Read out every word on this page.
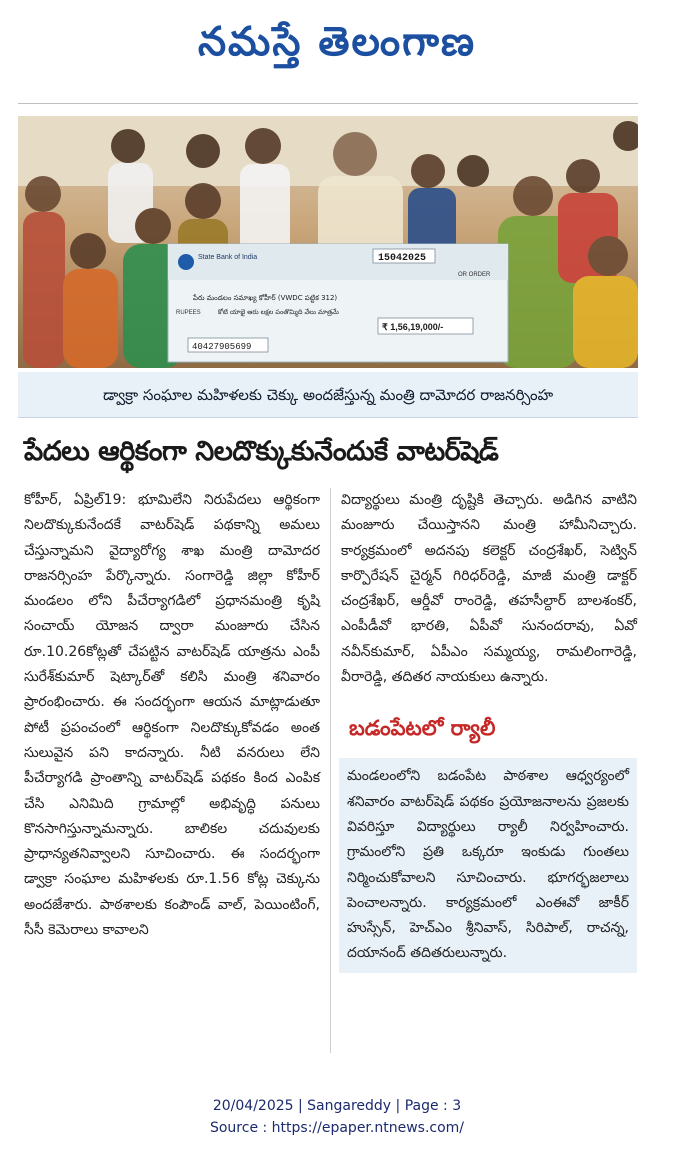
నమస్తే తెలంగాణ
State Bank of India	15042025
OR ORDER
పేరు మండలం సమాఖ్య కోహీర్ (VWDC పట్టిక 312)
RUPEES	కోటి యాభై ఆరు లక్షల పంతొమ్మిది వేలు మాత్రమే
₹ 1,56,19,000/-
40427905699
డ్వాక్రా సంఘాల మహిళలకు చెక్కు అందజేస్తున్న మంత్రి దామోదర రాజనర్సింహ
పేదలు ఆర్థికంగా నిలదొక్కుకునేందుకే వాటర్‌షెడ్

కోహీర్, ఏప్రిల్19: భూమిలేని నిరుపేదలు ఆర్థికంగా నిలదొక్కుకునేందకే వాటర్‌షెడ్ పథకాన్ని అమలు చేస్తున్నామని వైద్యారోగ్య శాఖ మంత్రి దామోదర రాజనర్సింహ పేర్కొన్నారు. సంగారెడ్డి జిల్లా కోహీర్ మండలం లోని పీచేర్యాగడిలో ప్రధానమంత్రి కృషి సంచాయ్ యోజన ద్వారా మంజూరు చేసిన రూ.10.26కోట్లతో చేపట్టిన వాటర్‌షెడ్ యాత్రను ఎంపీ సురేశ్‌కుమార్ షెట్కార్‌తో కలిసి మంత్రి శనివారం ప్రారంభించారు. ఈ సందర్భంగా ఆయన మాట్లాడుతూ పోటీ ప్రపంచంలో ఆర్థికంగా నిలదొక్కుకోవడం అంత సులువైన పని కాదన్నారు. నీటి వనరులు లేని పీచేర్యాగడి ప్రాంతాన్ని వాటర్‌షెడ్ పథకం కింద ఎంపిక చేసి ఎనిమిది గ్రామాల్లో అభివృద్ధి పనులు కొనసాగిస్తున్నామన్నారు. బాలికల చదువులకు ప్రాధాన్యతనివ్వాలని సూచించారు. ఈ సందర్భంగా డ్వాక్రా సంఘాల మహిళలకు రూ.1.56 కోట్ల చెక్కును అందజేశారు. పాఠశాలకు కంపౌండ్ వాల్, పెయింటింగ్, సీసీ కెమెరాలు కావాలని

విద్యార్థులు మంత్రి దృష్టికి తెచ్చారు. అడిగిన వాటిని మంజూరు చేయిస్తానని మంత్రి హామీనిచ్చారు. కార్యక్రమంలో అదనపు కలెక్టర్ చంద్రశేఖర్, సెట్విన్ కార్పొరేషన్ చైర్మన్ గిరిధర్‌రెడ్డి, మాజీ మంత్రి డాక్టర్ చంద్రశేఖర్, ఆర్డీవో రాంరెడ్డి, తహసీల్దార్ బాలశంకర్, ఎంపీడీవో భారతి, ఏపీవో సునందరావు, ఏవో నవీన్‌కుమార్, ఏపీఎం సమ్మయ్య, రామలింగారెడ్డి, వీరారెడ్డి, తదితర నాయకులు ఉన్నారు.

బడంపేటలో ర్యాలీ

మండలంలోని బడంపేట పాఠశాల ఆధ్వర్యంలో శనివారం వాటర్‌షెడ్ పథకం ప్రయోజనాలను ప్రజలకు వివరిస్తూ విద్యార్థులు ర్యాలీ నిర్వహించారు. గ్రామంలోని ప్రతి ఒక్కరూ ఇంకుడు గుంతలు నిర్మించుకోవాలని సూచించారు. భూగర్భజలాలు పెంచాలన్నారు. కార్యక్రమంలో ఎంఈవో జాకీర్ హుస్సేన్, హెచ్‌ఎం శ్రీనివాస్, సిరిపాల్, రాచన్న, దయానంద్ తదితరులున్నారు.

20/04/2025 | Sangareddy | Page : 3
Source : https://epaper.ntnews.com/
